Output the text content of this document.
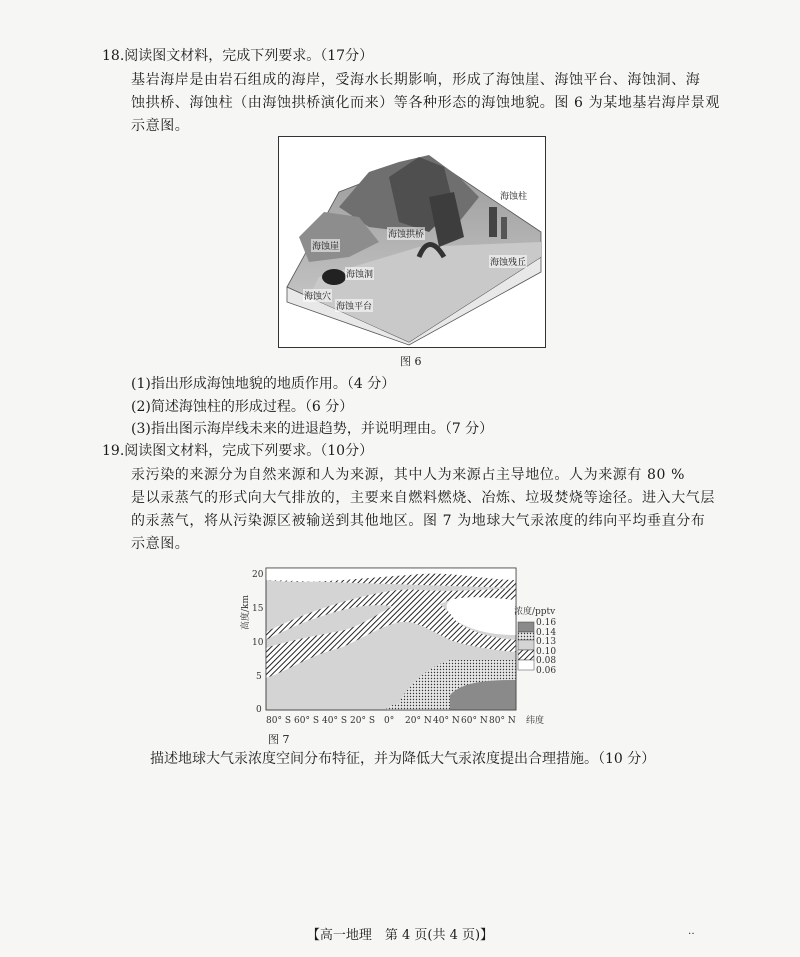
18.阅读图文材料，完成下列要求。（17分）
基岩海岸是由岩石组成的海岸，受海水长期影响，形成了海蚀崖、海蚀平台、海蚀洞、海
蚀拱桥、海蚀柱（由海蚀拱桥演化而来）等各种形态的海蚀地貌。图 6 为某地基岩海岸景观
示意图。
海蚀柱
海蚀崖
海蚀拱桥
海蚀洞
海蚀残丘
海蚀穴
海蚀平台
图 6
(1)指出形成海蚀地貌的地质作用。（4 分）
(2)简述海蚀柱的形成过程。（6 分）
(3)指出图示海岸线未来的进退趋势，并说明理由。（7 分）
19.阅读图文材料，完成下列要求。（10分）
汞污染的来源分为自然来源和人为来源，其中人为来源占主导地位。人为来源有 80 %
是以汞蒸气的形式向大气排放的，主要来自燃料燃烧、冶炼、垃圾焚烧等途径。进入大气层
的汞蒸气，将从污染源区被输送到其他地区。图 7 为地球大气汞浓度的纬向平均垂直分布
示意图。
0
5
10
15
20
高度/km
80° S 60° S 40° S 20° S 0° 20° N 40° N 60° N 80° N
浓度/pptv
0.16
0.14
0.13
0.10
0.08
0.06
纬度
图 7
描述地球大气汞浓度空间分布特征，并为降低大气汞浓度提出合理措施。（10 分）
【高一地理　第 4 页(共 4 页)】	‥
